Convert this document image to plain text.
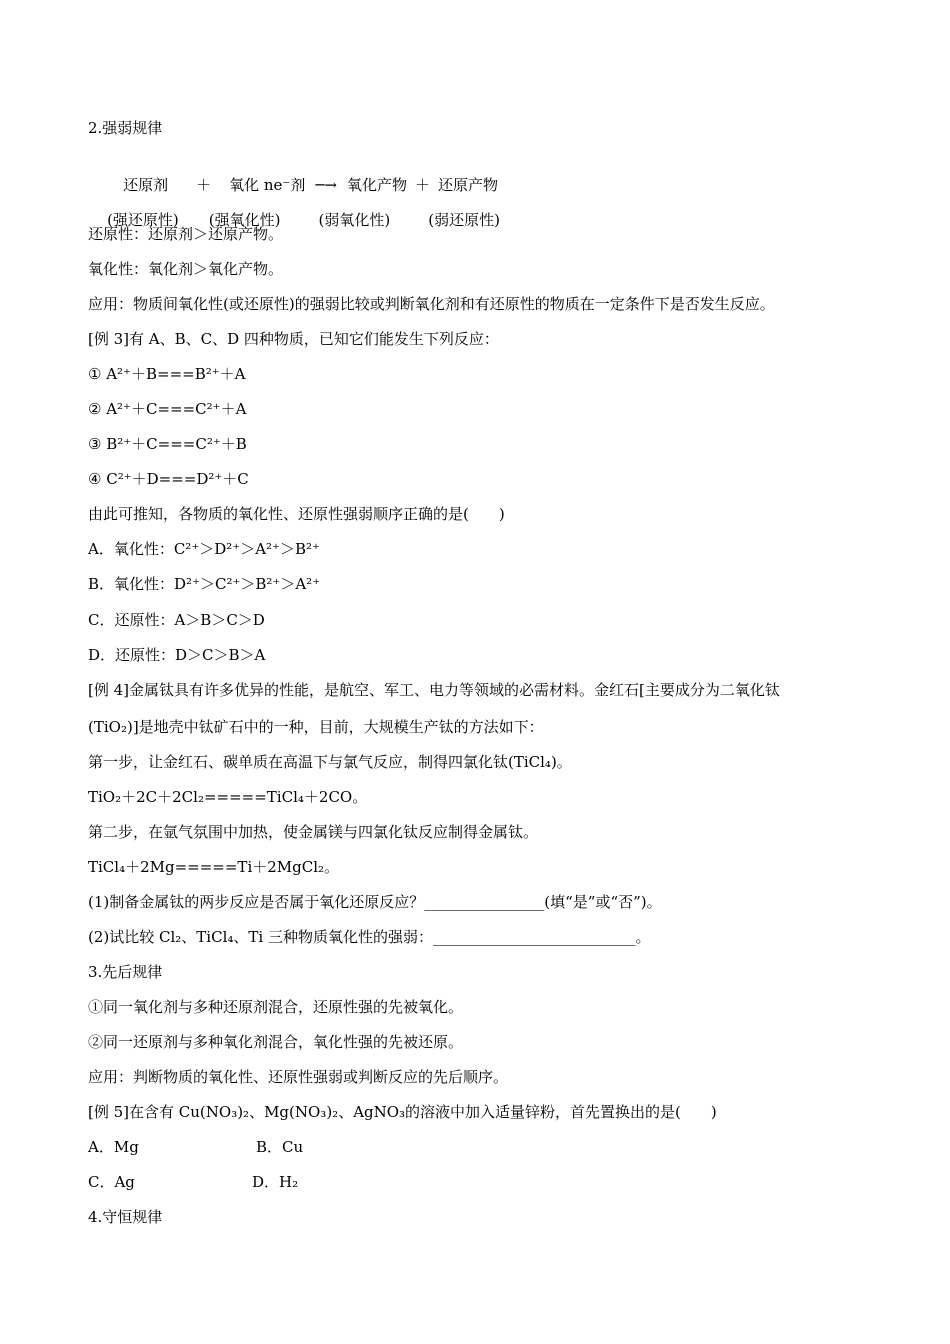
2.强弱规律

还原剂 ＋ 氧化 ne⁻剂 ─→ 氧化产物 ＋ 还原产物

(强还原性) (强氧化性)	(弱氧化性)	(弱还原性)

还原性：还原剂＞还原产物。
氧化性：氧化剂＞氧化产物。
应用：物质间氧化性(或还原性)的强弱比较或判断氧化剂和有还原性的物质在一定条件下是否发生反应。
[例 3]有 A、B、C、D 四种物质，已知它们能发生下列反应：
① A²⁺＋B===B²⁺＋A
② A²⁺＋C===C²⁺＋A
③ B²⁺＋C===C²⁺＋B
④ C²⁺＋D===D²⁺＋C
由此可推知，各物质的氧化性、还原性强弱顺序正确的是(　　)
A．氧化性：C²⁺＞D²⁺＞A²⁺＞B²⁺
B．氧化性：D²⁺＞C²⁺＞B²⁺＞A²⁺
C．还原性：A＞B＞C＞D
D．还原性：D＞C＞B＞A
[例 4]金属钛具有许多优异的性能，是航空、军工、电力等领域的必需材料。金红石[主要成分为二氧化钛
(TiO₂)]是地壳中钛矿石中的一种，目前，大规模生产钛的方法如下：
第一步，让金红石、碳单质在高温下与氯气反应，制得四氯化钛(TiCl₄)。
TiO₂＋2C＋2Cl₂=====TiCl₄＋2CO。
第二步，在氩气氛围中加热，使金属镁与四氯化钛反应制得金属钛。
TiCl₄＋2Mg=====Ti＋2MgCl₂。
(1)制备金属钛的两步反应是否属于氧化还原反应？________________(填“是”或“否”)。
(2)试比较 Cl₂、TiCl₄、Ti 三种物质氧化性的强弱：___________________________。
3.先后规律
①同一氧化剂与多种还原剂混合，还原性强的先被氧化。
②同一还原剂与多种氧化剂混合，氧化性强的先被还原。
应用：判断物质的氧化性、还原性强弱或判断反应的先后顺序。
[例 5]在含有 Cu(NO₃)₂、Mg(NO₃)₂、AgNO₃的溶液中加入适量锌粉，首先置换出的是(　　)
A．Mg	B．Cu
C．Ag	D．H₂
4.守恒规律
